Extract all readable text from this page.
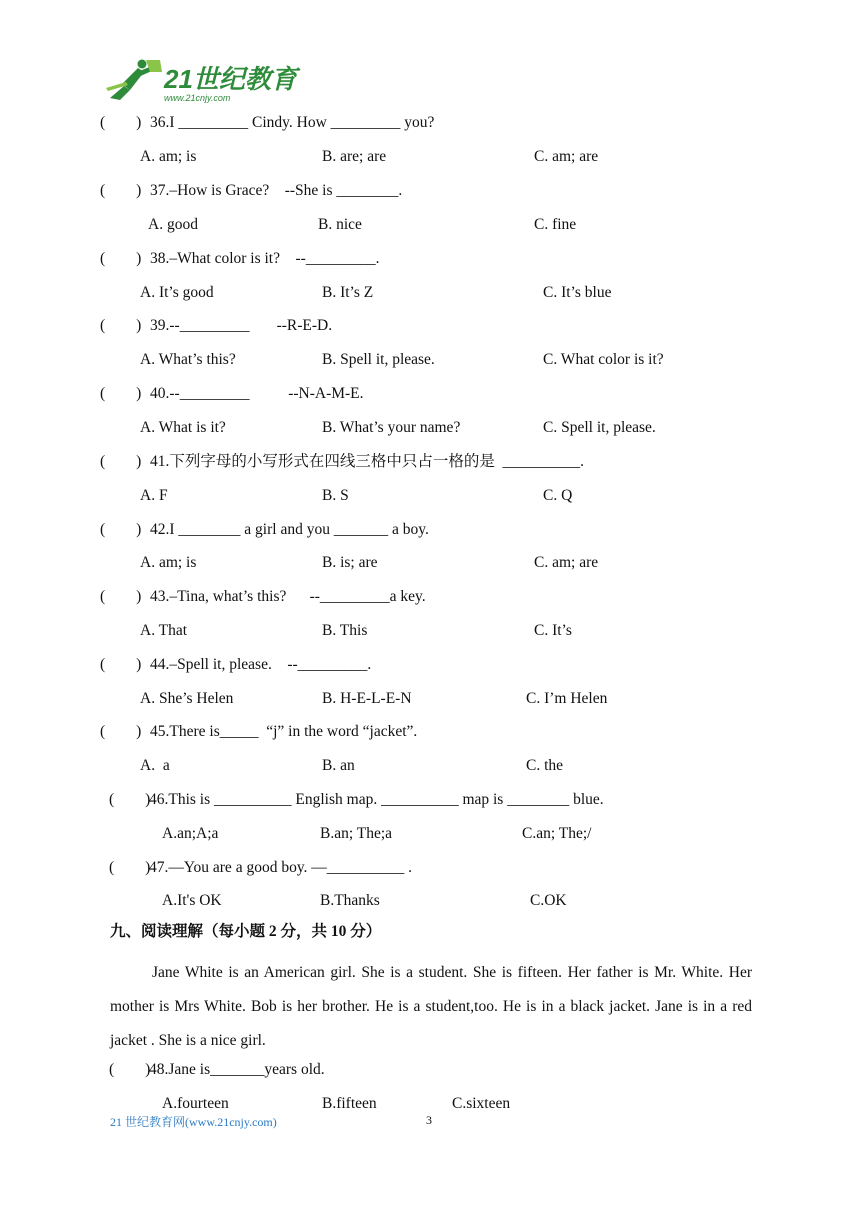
21世纪教育
www.21cnjy.com
(        ) 36.I _________ Cindy. How _________ you?
A. am; is	B. are; are	C. am; are
(        ) 37.–How is Grace?    --She is ________.
A. good	B. nice	C. fine
(        ) 38.–What color is it?    --_________.
A. It’s good	B. It’s Z	C. It’s blue
(        ) 39.--_________       --R-E-D.
A. What’s this?	B. Spell it, please.	C. What color is it?
(        ) 40.--_________          --N-A-M-E.
A. What is it?	B. What’s your name?	C. Spell it, please.
(        ) 41.下列字母的小写形式在四线三格中只占一格的是  __________.
A. F	B. S	C. Q
(        ) 42.I ________ a girl and you _______ a boy.
A. am; is	B. is; are	C. am; are
(        ) 43.–Tina, what’s this?      --_________a key.
A. That	B. This	C. It’s
(        ) 44.–Spell it, please.    --_________.
A. She’s Helen	B. H-E-L-E-N	C. I’m Helen
(        ) 45.There is_____  “j” in the word “jacket”.
A.  a	B. an	C. the
(        )
46.This is __________ English map. __________ map is ________ blue.
A.an;A;a	B.an; The;a	C.an; The;/
(        )
47.—You are a good boy. —__________ .
A.It's OK	B.Thanks	C.OK
九、阅读理解（每小题 2 分，共 10 分）

Jane White is an American girl. She is a student. She is fifteen. Her father is Mr. White. Her mother is Mrs White. Bob is her brother. He is a student,too. He is in a black jacket. Jane is in a red jacket . She is a nice girl.

(        )
48.Jane is_______years old.
A.fourteen	B.fifteen	C.sixteen
21 世纪教育网(www.21cnjy.com)	3
